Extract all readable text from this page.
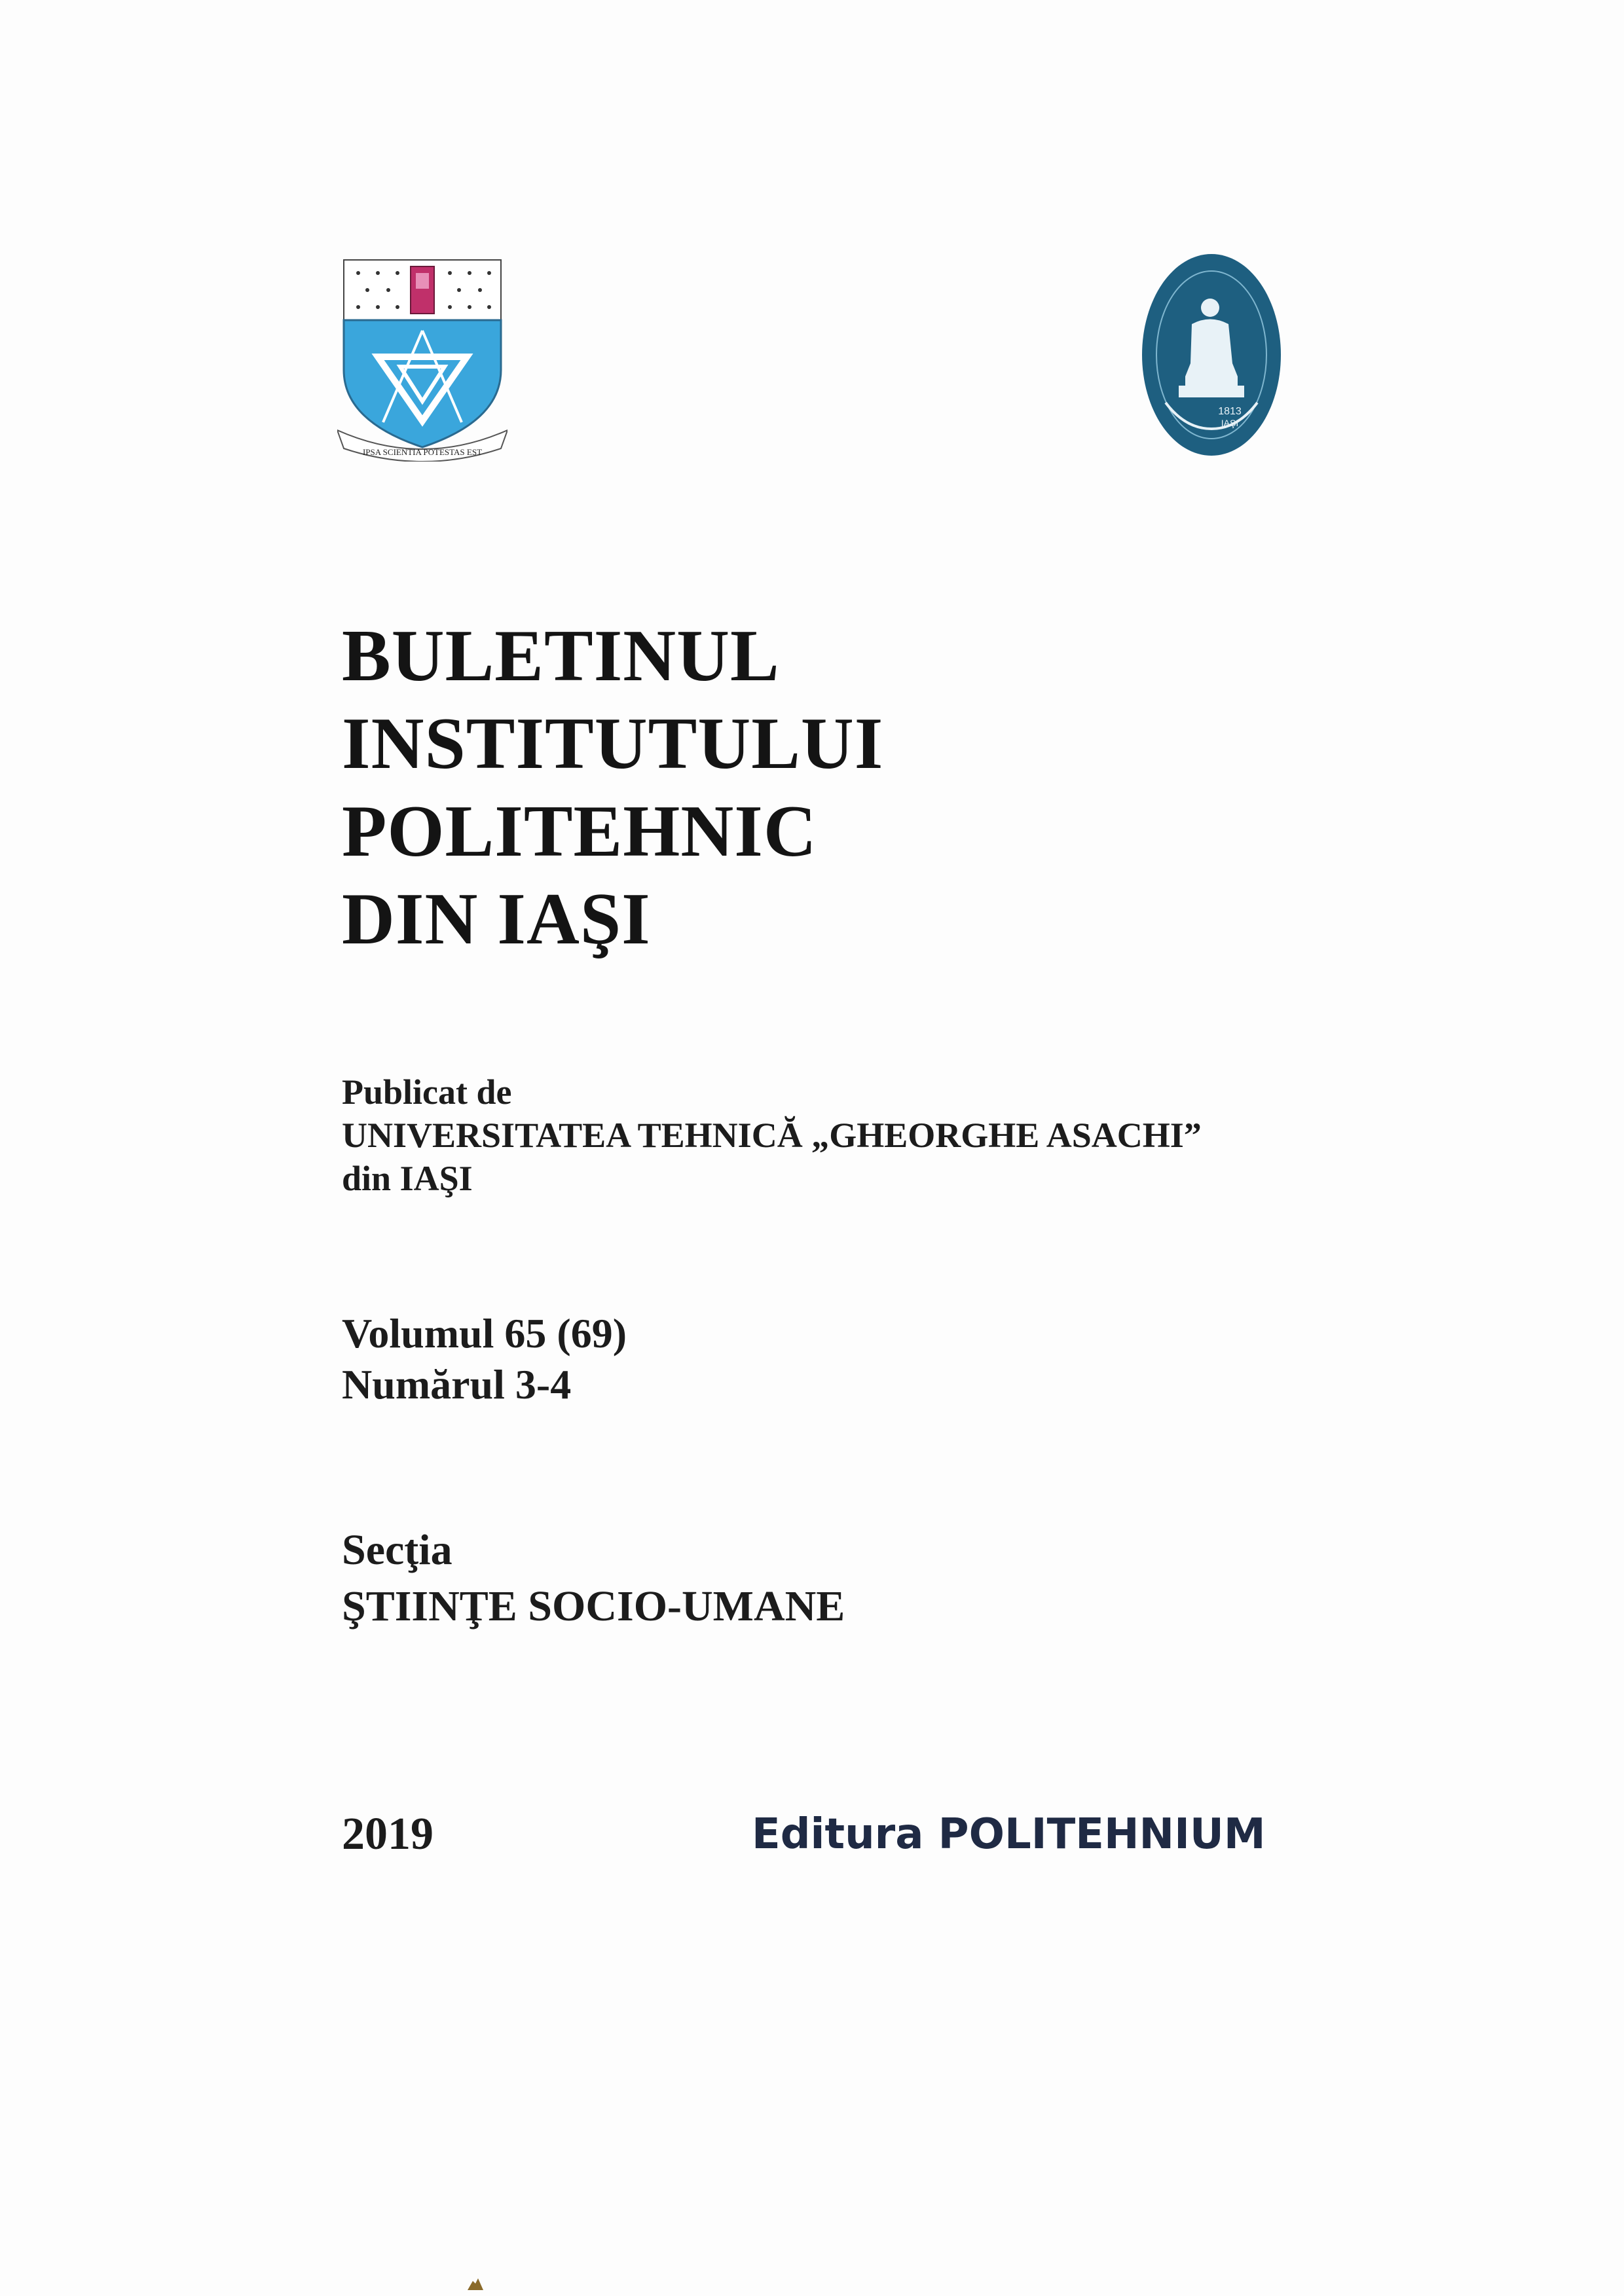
IPSA SCIENTIA POTESTAS EST
1813
IAŞI
BULETINUL
INSTITUTULUI
POLITEHNIC
DIN IAŞI
Publicat de
UNIVERSITATEA TEHNICĂ „GHEORGHE ASACHI”
din IAŞI
Volumul 65 (69)
Numărul 3-4
Secţia
ŞTIINŢE SOCIO-UMANE
2019	Editura POLITEHNIUM
